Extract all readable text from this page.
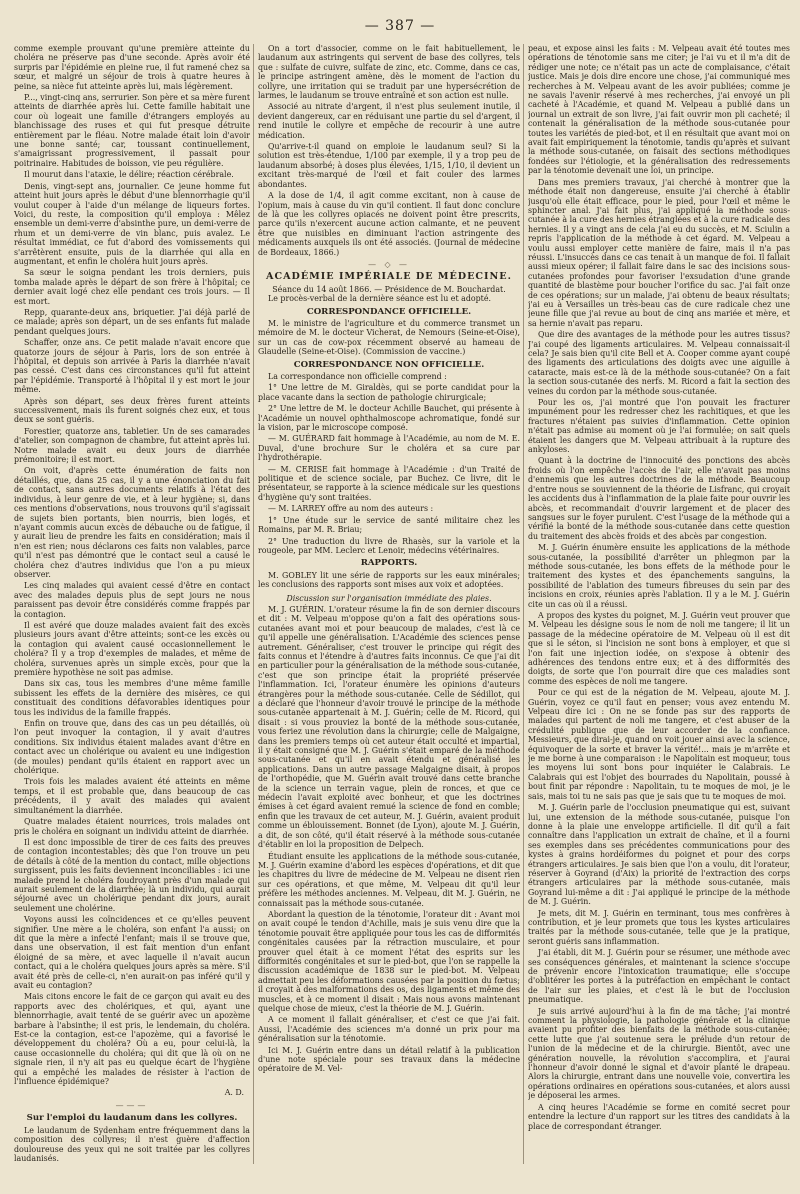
— 387 —

comme exemple prouvant qu'une première atteinte du choléra ne préserve pas d'une seconde. Après avoir été surpris par l'épidémie en pleine rue, il fut ramené chez sa sœur, et malgré un séjour de trois à quatre heures à peine, sa nièce fut atteinte après lui, mais légèrement.

P..., vingt-cinq ans, serrurier. Son père et sa mère furent atteints de diarrhée après lui. Cette famille habitait une cour où logeait une famille d'étrangers employés au blanchissage des ruses et qui fut presque détruite entièrement par le fléau. Notre malade était loin d'avoir une bonne santé; car, toussant continuellement, s'amaigrissant progressivement, il passait pour poitrinaire. Habitudes de boisson, vie peu régulière.

Il mourut dans l'ataxie, le délire; réaction cérébrale.

Denis, vingt-sept ans, journalier. Ce jeune homme fut atteint huit jours après le début d'une blennorrhagie qu'il voulut couper à l'aide d'un mélange de liqueurs fortes. Voici, du reste, la composition qu'il employa : Mêlez ensemble un demi-verre d'absinthe pure, un demi-verre de rhum et un demi-verre de vin blanc, puis avalez. Le résultat immédiat, ce fut d'abord des vomissements qui s'arrêtèrent ensuite, puis de la diarrhée qui alla en augmentant, et enfin le choléra huit jours après.

Sa sœur le soigna pendant les trois derniers, puis tomba malade après le départ de son frère à l'hôpital; ce dernier avait logé chez elle pendant ces trois jours. — Il est mort.

Repp, quarante-deux ans, briquetier. J'ai déjà parlé de ce malade; après son départ, un de ses enfants fut malade pendant quelques jours.

Schaffer, onze ans. Ce petit malade n'avait encore que quatorze jours de séjour à Paris, lors de son entrée à l'hôpital, et depuis son arrivée à Paris la diarrhée n'avait pas cessé. C'est dans ces circonstances qu'il fut atteint par l'épidémie. Transporté à l'hôpital il y est mort le jour même.

Après son départ, ses deux frères furent atteints successivement, mais ils furent soignés chez eux, et tous deux se sont guéris.

Forestier, quatorze ans, tabletier. Un de ses camarades d'atelier, son compagnon de chambre, fut atteint après lui. Notre malade avait eu deux jours de diarrhée prémonitoire; il est mort.

On voit, d'après cette énumération de faits non détaillés, que, dans 25 cas, il y a une énonciation du fait de contact, sans autres documents relatifs à l'état des individus, à leur genre de vie, et à leur hygiène; si, dans ces mentions d'observations, nous trouvons qu'il s'agissait de sujets bien portants, bien nourris, bien logés, et n'ayant commis aucun excès de débauche ou de fatigue, il y aurait lieu de prendre les faits en considération; mais il n'en est rien; nous déclarons ces faits non valables, parce qu'il n'est pas démontré que le contact seul a causé le choléra chez d'autres individus que l'on a pu mieux observer.

Les cinq malades qui avaient cessé d'être en contact avec des malades depuis plus de sept jours ne nous paraissent pas devoir être considérés comme frappés par la contagion.

Il est avéré que douze malades avaient fait des excès plusieurs jours avant d'être atteints; sont-ce les excès ou la contagion qui avaient causé occasionnellement le choléra? Il y a trop d'exemples de malades, et même de choléra, survenues après un simple excès, pour que la première hypothèse ne soit pas admise.

Dans six cas, tous les membres d'une même famille subissent les effets de la dernière des misères, ce qui constituait des conditions défavorables identiques pour tous les individus de la famille frappés.

Enfin on trouve que, dans des cas un peu détaillés, où l'on peut invoquer la contagion, il y avait d'autres conditions. Six individus étaient malades avant d'être en contact avec un cholérique ou avaient eu une indigestion (de moules) pendant qu'ils étaient en rapport avec un cholérique.

Trois fois les malades avaient été atteints en même temps, et il est probable que, dans beaucoup de cas précédents, il y avait des malades qui avaient simultanément la diarrhée.

Quatre malades étaient nourrices, trois malades ont pris le choléra en soignant un individu atteint de diarrhée.

Il est donc impossible de tirer de ces faits des preuves de contagion incontestables; dès que l'on trouve un peu de détails à côté de la mention du contact, mille objections surgissent, puis les faits deviennent inconciliables : ici une malade prend le choléra foudroyant près d'un malade qui aurait seulement de la diarrhée; là un individu, qui aurait séjourné avec un cholérique pendant dix jours, aurait seulement une cholérine.

Voyons aussi les coïncidences et ce qu'elles peuvent signifier. Une mère a le choléra, son enfant l'a aussi; on dit que la mère a infecté l'enfant; mais il se trouve que, dans une observation, il est fait mention d'un enfant éloigné de sa mère, et avec laquelle il n'avait aucun contact, qui a le choléra quelques jours après sa mère. S'il avait été près de celle-ci, n'en aurait-on pas inféré qu'il y avait eu contagion?

Mais citons encore le fait de ce garçon qui avait eu des rapports avec des cholériques, et qui, ayant une blennorrhagie, avait tenté de se guérir avec un apozème barbare à l'absinthe; il est pris, le lendemain, du choléra. Est-ce la contagion, est-ce l'apozème, qui a favorisé le développement du choléra? Où a eu, pour celui-là, la cause occasionnelle du choléra; qui dit que là où on ne signale rien, il n'y ait pas eu quelque écart de l'hygiène qui a empêché les malades de résister à l'action de l'influence épidémique?

A. D.
———
Sur l'emploi du laudanum dans les collyres.

Le laudanum de Sydenham entre fréquemment dans la composition des collyres; il n'est guère d'affection douloureuse des yeux qui ne soit traitée par les collyres laudanisés.

On a tort d'associer, comme on le fait habituellement, le laudanum aux astringents qui servent de base des collyres, tels que : sulfate de cuivre, sulfate de zinc, etc. Comme, dans ce cas, le principe astringent amène, dès le moment de l'action du collyre, une irritation qui se traduit par une hypersécrétion de larmes, le laudanum se trouve entraîné et son action est nulle.

Associé au nitrate d'argent, il n'est plus seulement inutile, il devient dangereux, car en réduisant une partie du sel d'argent, il rend inutile le collyre et empêche de recourir à une autre médication.

Qu'arrive-t-il quand on emploie le laudanum seul? Si la solution est très-étendue, 1/100 par exemple, il y a trop peu de laudanum absorbé; à doses plus élevées, 1/15, 1/10, il devient un excitant très-marqué de l'œil et fait couler des larmes abondantes.

A la dose de 1/4, il agit comme excitant, non à cause de l'opium, mais à cause du vin qu'il contient. Il faut donc conclure de là que les collyres opiacés ne doivent point être prescrits, parce qu'ils n'exercent aucune action calmante, et ne peuvent être que nuisibles en diminuant l'action astringente des médicaments auxquels ils ont été associés. (Journal de médecine de Bordeaux, 1866.)

— ◇ —
ACADÉMIE IMPÉRIALE DE MÉDECINE.
Séance du 14 août 1866. — Présidence de M. Bouchardat.

Le procès-verbal de la dernière séance est lu et adopté.

CORRESPONDANCE OFFICIELLE.

M. le ministre de l'agriculture et du commerce transmet un mémoire de M. le docteur Vicherat, de Nemours (Seine-et-Oise), sur un cas de cow-pox récemment observé au hameau de Glaudelle (Seine-et-Oise). (Commission de vaccine.)

CORRESPONDANCE NON OFFICIELLE.

La correspondance non officielle comprend :

1° Une lettre de M. Giraldès, qui se porte candidat pour la place vacante dans la section de pathologie chirurgicale;

2° Une lettre de M. le docteur Achille Bauchet, qui présente à l'Académie un nouvel ophthalmoscope achromatique, fondé sur la vision, par le microscope composé.

— M. GUÉRARD fait hommage à l'Académie, au nom de M. E. Duval, d'une brochure Sur le choléra et sa cure par l'hydrothérapie.

— M. CERISE fait hommage à l'Académie : d'un Traité de politique et de science sociale, par Buchez. Ce livre, dit le présentateur, se rapporte à la science médicale sur les questions d'hygiène qu'y sont traitées.

— M. LARREY offre au nom des auteurs :

1° Une étude sur le service de santé militaire chez les Romains, par M. R. Briau;

2° Une traduction du livre de Rhasès, sur la variole et la rougeole, par MM. Leclerc et Lenoir, médecins vétérinaires.

RAPPORTS.

M. GOBLEY lit une série de rapports sur les eaux minérales; les conclusions des rapports sont mises aux voix et adoptées.

Discussion sur l'organisation immédiate des plaies.

M. J. GUÉRIN. L'orateur résume la fin de son dernier discours et dit : M. Velpeau m'oppose qu'on a fait des opérations sous-cutanées avant moi et pour beaucoup de malades, c'est là ce qu'il appelle une généralisation. L'Académie des sciences pense autrement. Généraliser, c'est trouver le principe qui régit des faits connus et l'étendre à d'autres faits inconnus. Ce que j'ai dit en particulier pour la généralisation de la méthode sous-cutanée, c'est que son principe était la propriété préservée l'inflammation. Ici, l'orateur énumère les opinions d'auteurs étrangères pour la méthode sous-cutanée. Celle de Sédillot, qui a déclaré que l'honneur d'avoir trouvé le principe de la méthode sous-cutanée appartenait à M. J. Guérin; celle de M. Ricord, qui disait : si vous prouviez la bonté de la méthode sous-cutanée, vous feriez une révolution dans la chirurgie; celle de Malgaigne, dans les premiers temps où cet auteur était occulté et impartial, il y était consigné que M. J. Guérin s'était emparé de la méthode sous-cutanée et qu'il en avait étendu et généralisé les applications. Dans un autre passage Malgaigne disait, à propos de l'orthopédie, que M. Guérin avait trouvé dans cette branche de la science un terrain vague, plein de ronces, et que ce médecin l'avait exploité avec bonheur, et que les doctrines émises à cet égard avaient remué la science de fond en comble; enfin que les travaux de cet auteur, M. J. Guérin, avaient produit comme un éblouissement. Bonnet (de Lyon), ajoute M. J. Guérin, a dit, de son côté, qu'il était réservé à la méthode sous-cutanée d'établir en loi la proposition de Delpech.

Étudiant ensuite les applications de la méthode sous-cutanée, M. J. Guérin examine d'abord les espèces d'opérations, et dit que les chapitres du livre de médecine de M. Velpeau ne disent rien sur ces opérations, et que même, M. Velpeau dit qu'il leur préfère les méthodes anciennes. M. Velpeau, dit M. J. Guérin, ne connaissait pas la méthode sous-cutanée.

Abordant la question de la ténotomie, l'orateur dit : Avant moi on avait coupé le tendon d'Achille, mais je suis venu dire que la ténotomie pouvait être appliquée pour tous les cas de difformités congénitales causées par la rétraction musculaire, et pour prouver quel était à ce moment l'état des esprits sur les difformités congénitales et sur le pied-bot, que l'on se rappelle la discussion académique de 1838 sur le pied-bot. M. Velpeau admettait peu les déformations causées par la position du fœtus; il croyait à des malformations des os, des ligaments et même des muscles, et à ce moment il disait : Mais nous avons maintenant quelque chose de mieux, c'est la théorie de M. J. Guérin.

A ce moment il fallait généraliser, et c'est ce que j'ai fait. Aussi, l'Académie des sciences m'a donné un prix pour ma généralisation sur la ténotomie.

Ici M. J. Guérin entre dans un détail relatif à la publication d'une note spéciale pour ses travaux dans la médecine opératoire de M. Vel-

peau, et expose ainsi les faits : M. Velpeau avait été toutes mes opérations de ténotomie sans me citer; je l'ai vu et il m'a dit de rédiger une note; ce n'était pas un acte de complaisance, c'était justice. Mais je dois dire encore une chose, j'ai communiqué mes recherches à M. Velpeau avant de les avoir publiées; comme je ne savais l'avenir réservé à mes recherches, j'ai envoyé un pli cacheté à l'Académie, et quand M. Velpeau a publié dans un journal un extrait de son livre, j'ai fait ouvrir mon pli cacheté; il contenait la généralisation de la méthode sous-cutanée pour toutes les variétés de pied-bot, et il en résultait que avant moi on avait fait empiriquement la ténotomie, tandis qu'après et suivant la méthode sous-cutanée, on faisait des sections méthodiques fondées sur l'étiologie, et la généralisation des redressements par la ténotomie devenait une loi, un principe.

Dans mes premiers travaux, j'ai cherché à montrer que la méthode était non dangereuse, ensuite j'ai cherché à établir jusqu'où elle était efficace, pour le pied, pour l'œil et même le sphincter anal. J'ai fait plus, j'ai appliqué la méthode sous-cutanée à la cure des hernies étranglées et à la cure radicale des hernies. Il y a vingt ans de cela j'ai eu du succès, et M. Sciulin a repris l'application de la méthode à cet égard. M. Velpeau a voulu aussi employer cette manière de faire, mais il n'a pas réussi. L'insuccès dans ce cas tenait à un manque de foi. Il fallait aussi mieux opérer; il fallait faire dans le sac des incisions sous-cutanées profondes pour favoriser l'exsudation d'une grande quantité de blastème pour boucher l'orifice du sac. J'ai fait onze de ces opérations; sur un malade, j'ai obtenu de beaux résultats; j'ai eu à Versailles un très-beau cas de cure radicale chez une jeune fille que j'ai revue au bout de cinq ans mariée et mère, et sa hernie n'avait pas reparu.

Que dire des avantages de la méthode pour les autres tissus? J'ai coupé des ligaments articulaires. M. Velpeau connaissait-il cela? Je sais bien qu'il cite Bell et A. Cooper comme ayant coupé des ligaments des articulations des doigts avec une aiguille à cataracte, mais est-ce là de la méthode sous-cutanée? On a fait la section sous-cutanée des nerfs. M. Ricord a fait la section des veines du cordon par la méthode sous-cutanée.

Pour les os, j'ai montré que l'on pouvait les fracturer impunément pour les redresser chez les rachitiques, et que les fractures n'étaient pas suivies d'inflammation. Cette opinion n'était pas admise au moment où je l'ai formulée; on sait quels étaient les dangers que M. Velpeau attribuait à la rupture des ankyloses.

Quant à la doctrine de l'innocuité des ponctions des abcès froids où l'on empêche l'accès de l'air, elle n'avait pas moins d'ennemis que les autres doctrines de la méthode. Beaucoup d'entre nous se souviennent de la théorie de Lisfranc, qui croyait les accidents dus à l'inflammation de la plaie faite pour ouvrir les abcès, et recommandait d'ouvrir largement et de placer des sangsues sur le foyer purulent. C'est l'usage de la méthode qui a vérifié la bonté de la méthode sous-cutanée dans cette question du traitement des abcès froids et des abcès par congestion.

M. J. Guérin énumère ensuite les applications de la méthode sous-cutanée, la possibilité d'arrêter un phlegmon par la méthode sous-cutanée, les bons effets de la méthode pour le traitement des kystes et des épanchements sanguins, la possibilité de l'ablation des tumeurs fibreuses du sein par des incisions en croix, réunies après l'ablation. Il y a le M. J. Guérin cite un cas où il a réussi.

A propos des kystes du poignet, M. J. Guérin veut prouver que M. Velpeau les désigne sous le nom de noli me tangere; il lit un passage de la médecine opératoire de M. Velpeau où il est dit que si le séton, si l'incision ne sont bons à employer, et que si l'on fait une injection iodée, on s'expose à obtenir des adhérences des tendons entre eux; et à des difformités des doigts, de sorte que l'on pourrait dire que ces maladies sont comme des espèces de noli me tangere.

Pour ce qui est de la négation de M. Velpeau, ajoute M. J. Guérin, voyez ce qu'il faut en penser; vous avez entendu M. Velpeau dire ici : On ne se fonde pas sur des rapports de malades qui partent de noli me tangere, et c'est abuser de la crédulité publique que de leur accorder de la confiance. Messieurs, que dirai-je, quand on voit jouer ainsi avec la science, équivoquer de la sorte et braver la vérité!... mais je m'arrête et je me borne à une comparaison : le Napolitain est moqueur, tous les moyens lui sont bons pour inquiéter le Calabrais. Le Calabrais qui est l'objet des bourrades du Napolitain, poussé à bout finit par répondre : Napolitain, tu te moques de moi, je le sais, mais toi tu ne sais pas que je sais que tu te moques de moi.

M. J. Guérin parle de l'occlusion pneumatique qui est, suivant lui, une extension de la méthode sous-cutanée, puisque l'on donne à la plaie une enveloppe artificielle. Il dit qu'il a fait connaître dans l'application un extrait de chaîne, et il a fourni ses exemples dans ses précédentes communications pour des kystes à grains hordéiformes du poignet et pour des corps étrangers articulaires. Je sais bien que l'on a voulu, dit l'orateur, réserver à Goyrand (d'Aix) la priorité de l'extraction des corps étrangers articulaires par la méthode sous-cutanée, mais Goyrand lui-même a dit : J'ai appliqué le principe de la méthode de M. J. Guérin.

Je mets, dit M. J. Guérin en terminant, tous mes confrères à contribution, et je leur promets que tous les kystes articulaires traités par la méthode sous-cutanée, telle que je la pratique, seront guéris sans inflammation.

J'ai établi, dit M. J. Guérin pour se résumer, une méthode avec ses conséquences générales, et maintenant la science s'occupe de prévenir encore l'intoxication traumatique; elle s'occupe d'oblitérer les portes à la putréfaction en empêchant le contact de l'air sur les plaies, et c'est là le but de l'occlusion pneumatique.

Je suis arrivé aujourd'hui à la fin de ma tâche; j'ai montré comment la physiologie, la pathologie générale et la clinique avaient pu profiter des bienfaits de la méthode sous-cutanée; cette lutte que j'ai soutenue sera le prélude d'un retour de l'union de la médecine et de la chirurgie. Bientôt, avec une génération nouvelle, la révolution s'accomplira, et j'aurai l'honneur d'avoir donné le signal et d'avoir planté le drapeau. Alors la chirurgie, entrant dans une nouvelle voie, convertira les opérations ordinaires en opérations sous-cutanées, et alors aussi je déposerai les armes.

A cinq heures l'Académie se forme en comité secret pour entendre la lecture d'un rapport sur les titres des candidats à la place de correspondant étranger.
